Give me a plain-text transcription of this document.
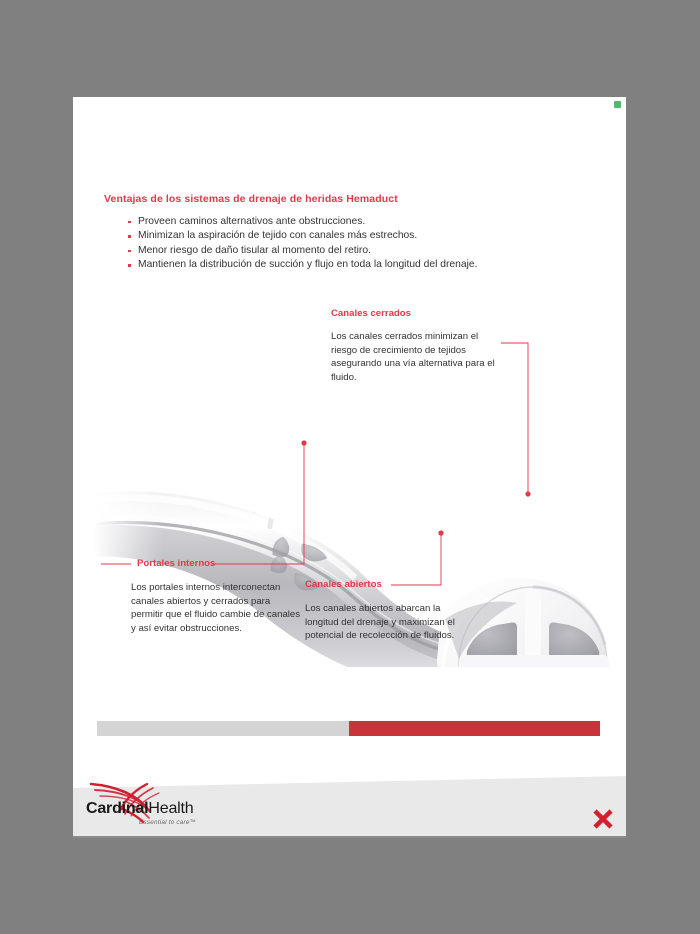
Ventajas de los sistemas de drenaje de heridas Hemaduct
Proveen caminos alternativos ante obstrucciones.
Minimizan la aspiración de tejido con canales más estrechos.
Menor riesgo de daño tisular al momento del retiro.
Mantienen la distribución de succión y flujo en toda la longitud del drenaje.
Canales cerrados
Los canales cerrados minimizan el riesgo de crecimiento de tejidos asegurando una vía alternativa para el fluido.
Portales internos
Los portales internos interconectan canales abiertos y cerrados para permitir que el fluido cambie de canales y así evitar obstrucciones.
Canales abiertos
Los canales abiertos abarcan la longitud del drenaje y maximizan el potencial de recolección de fluidos.
CardinalHealth
Essential to care™
